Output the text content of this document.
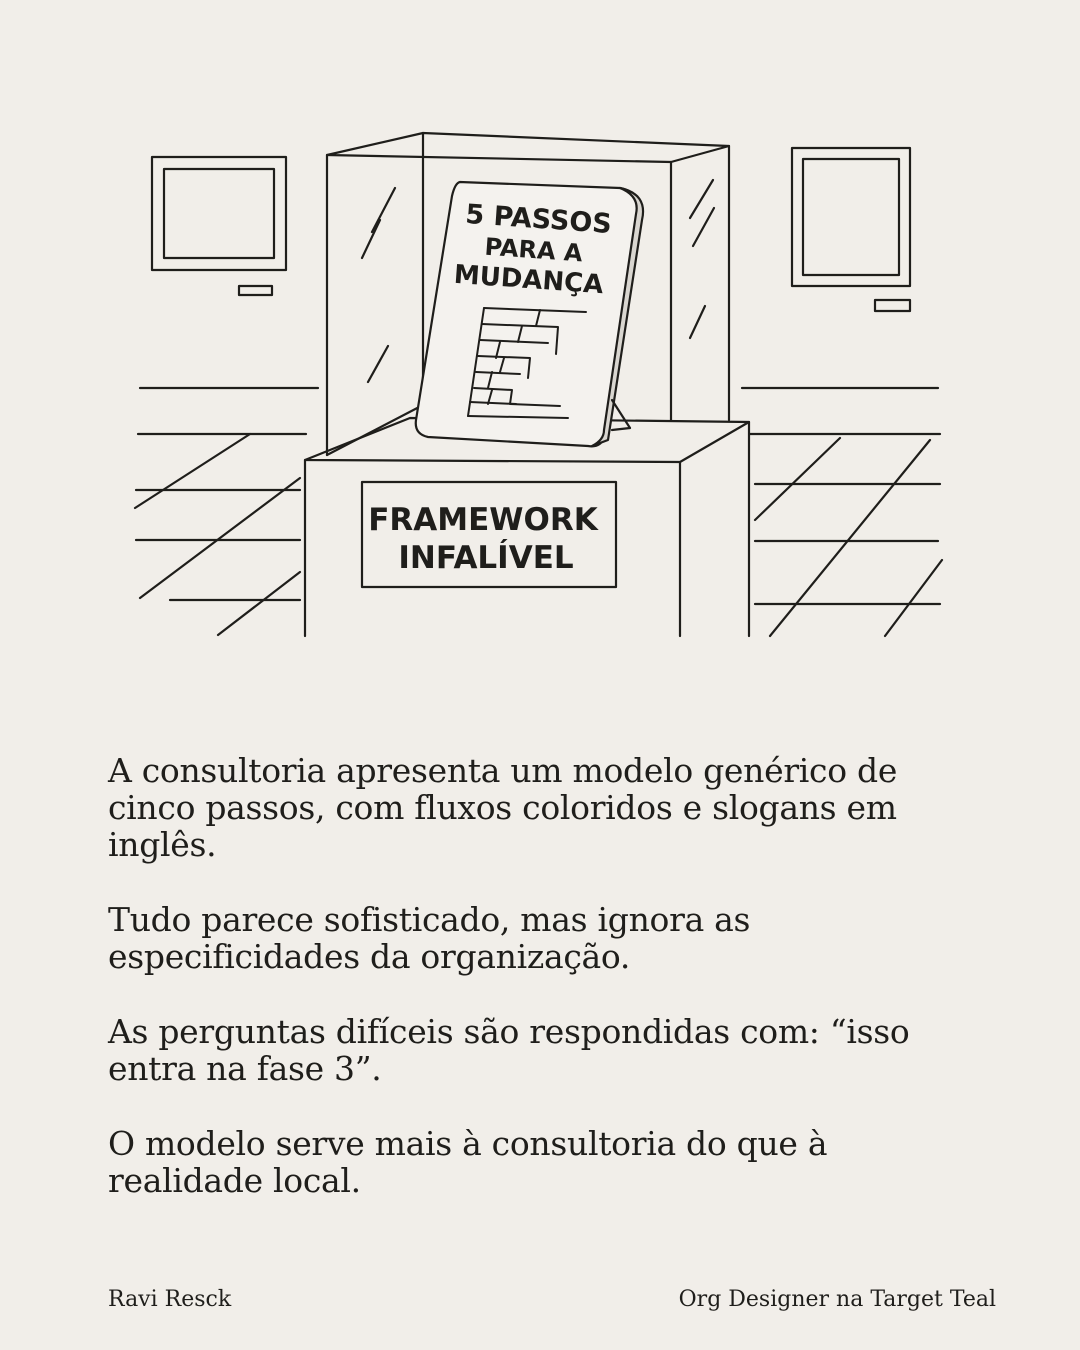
5 PASSOS
PARA A
MUDANÇA
FRAMEWORK
INFALÍVEL

A consultoria apresenta um modelo genérico de
cinco passos, com fluxos coloridos e slogans em
inglês.

Tudo parece sofisticado, mas ignora as
especificidades da organização.

As perguntas difíceis são respondidas com: “isso
entra na fase 3”.

O modelo serve mais à consultoria do que à
realidade local.

Ravi Resck	Org Designer na Target Teal
